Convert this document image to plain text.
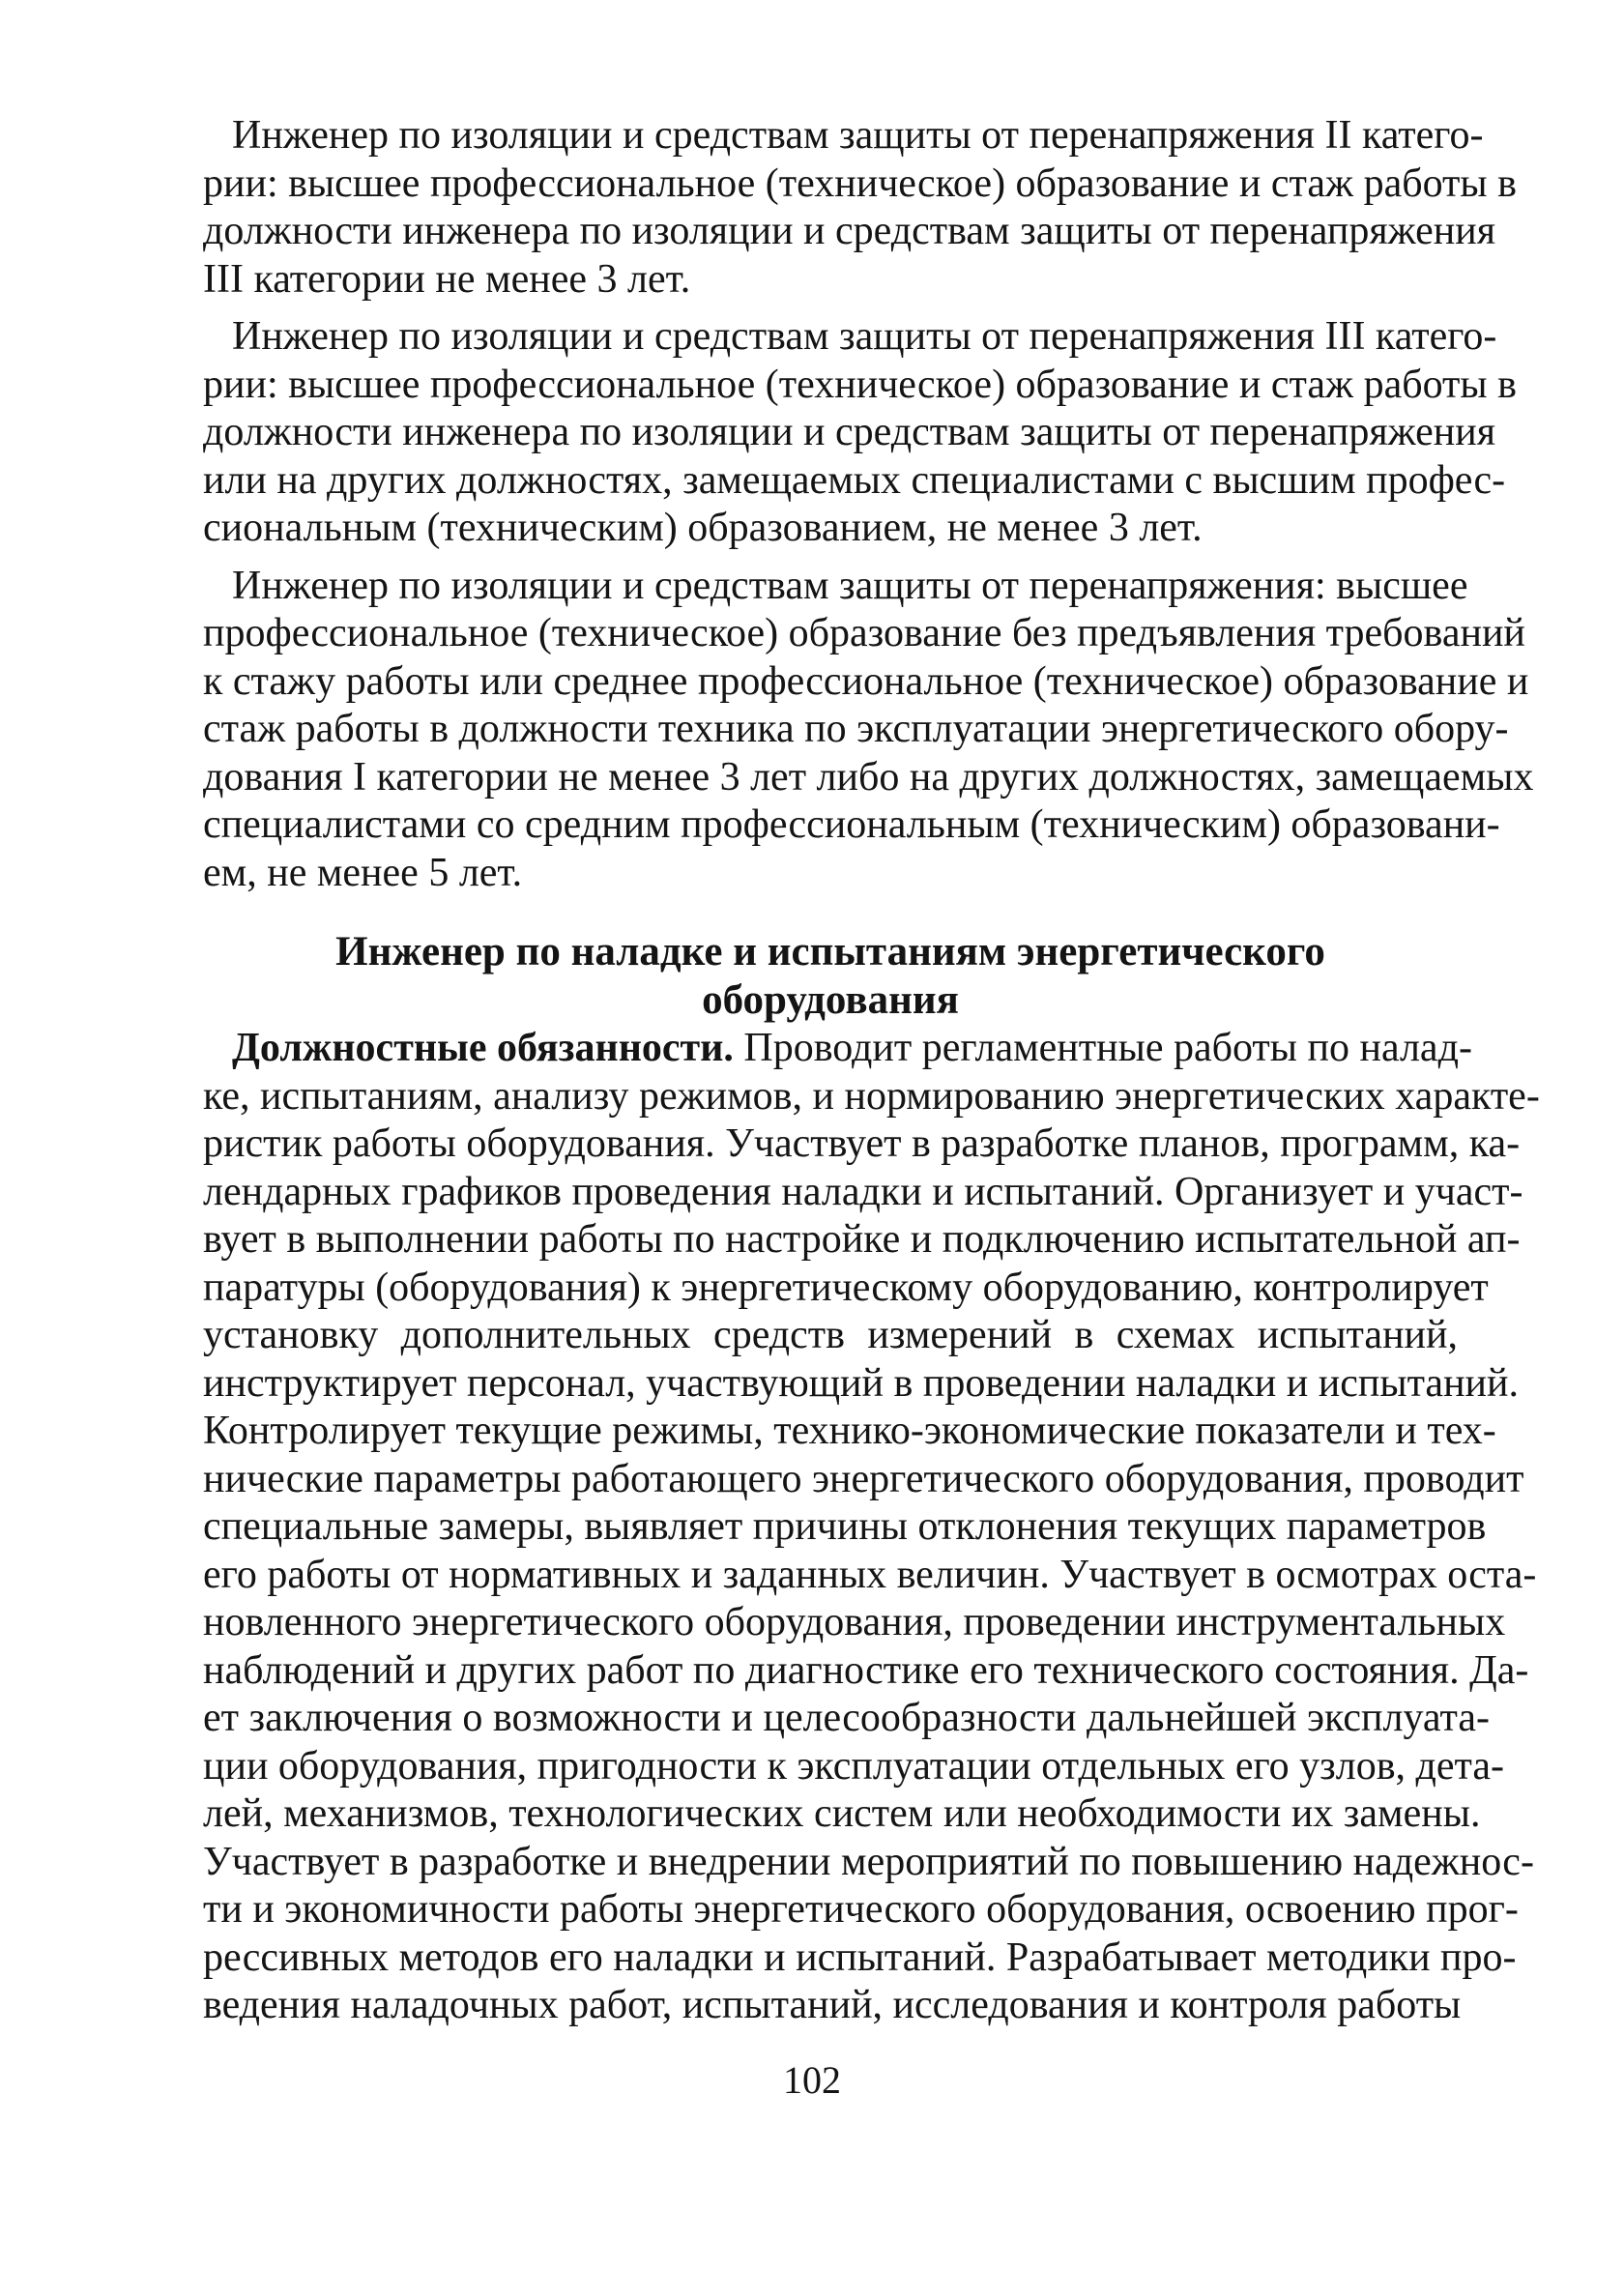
Инженер по изоляции и средствам защиты от перенапряжения II катего-
рии: высшее профессиональное (техническое) образование и стаж работы в
должности инженера по изоляции и средствам защиты от перенапряжения
III категории не менее 3 лет.

Инженер по изоляции и средствам защиты от перенапряжения III катего-
рии: высшее профессиональное (техническое) образование и стаж работы в
должности инженера по изоляции и средствам защиты от перенапряжения
или на других должностях, замещаемых специалистами с высшим профес-
сиональным (техническим) образованием, не менее 3 лет.

Инженер по изоляции и средствам защиты от перенапряжения: высшее
профессиональное (техническое) образование без предъявления требований
к стажу работы или среднее профессиональное (техническое) образование и
стаж работы в должности техника по эксплуатации энергетического обору-
дования I категории не менее 3 лет либо на других должностях, замещаемых
специалистами со средним профессиональным (техническим) образовани-
ем, не менее 5 лет.

Инженер по наладке и испытаниям энергетического

оборудования

Должностные обязанности. Проводит регламентные работы по налад-
ке, испытаниям, анализу режимов, и нормированию энергетических характе-
ристик работы оборудования. Участвует в разработке планов, программ, ка-
лендарных графиков проведения наладки и испытаний. Организует и участ-
вует в выполнении работы по настройке и подключению испытательной ап-
паратуры (оборудования) к энергетическому оборудованию, контролирует
установку дополнительных средств измерений в схемах испытаний,
инструктирует персонал, участвующий в проведении наладки и испытаний.
Контролирует текущие режимы, технико-экономические показатели и тех-
нические параметры работающего энергетического оборудования, проводит
специальные замеры, выявляет причины отклонения текущих параметров
его работы от нормативных и заданных величин. Участвует в осмотрах оста-
новленного энергетического оборудования, проведении инструментальных
наблюдений и других работ по диагностике его технического состояния. Да-
ет заключения о возможности и целесообразности дальнейшей эксплуата-
ции оборудования, пригодности к эксплуатации отдельных его узлов, дета-
лей, механизмов, технологических систем или необходимости их замены.
Участвует в разработке и внедрении мероприятий по повышению надежнос-
ти и экономичности работы энергетического оборудования, освоению прог-
рессивных методов его наладки и испытаний. Разрабатывает методики про-
ведения наладочных работ, испытаний, исследования и контроля работы

102
